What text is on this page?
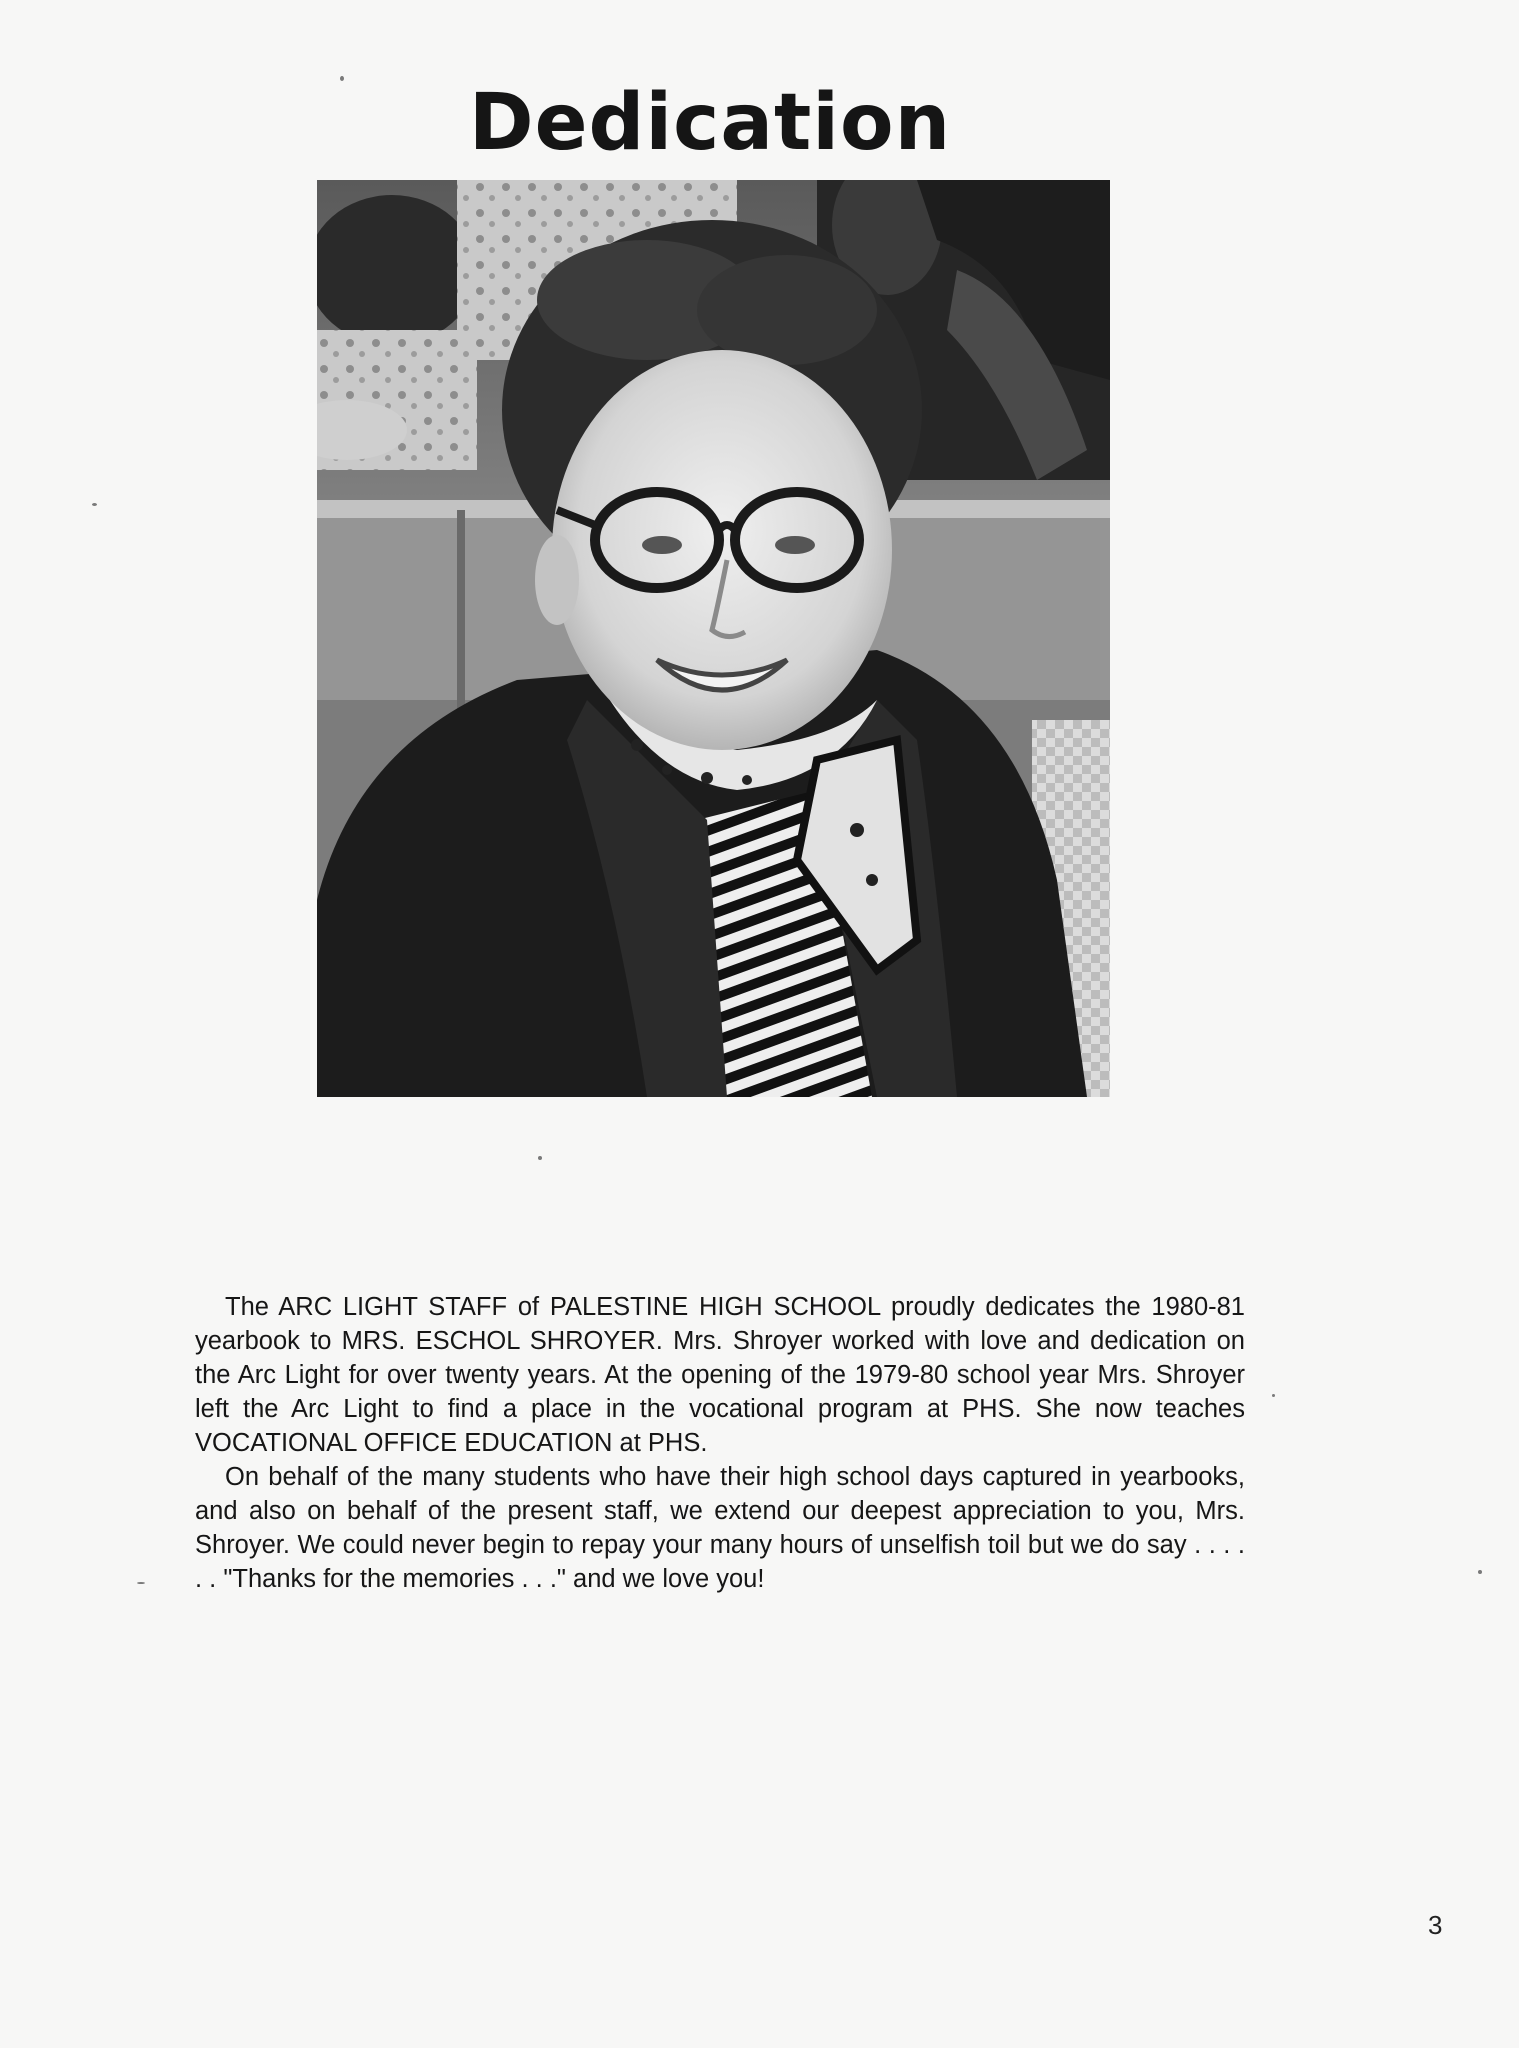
Dedication

The ARC LIGHT STAFF of PALESTINE HIGH SCHOOL proudly dedicates the 1980-81 yearbook to MRS. ESCHOL SHROYER. Mrs. Shroyer worked with love and dedication on the Arc Light for over twenty years. At the opening of the 1979-80 school year Mrs. Shroyer left the Arc Light to find a place in the vocational program at PHS. She now teaches VOCATIONAL OFFICE EDUCATION at PHS.

On behalf of the many students who have their high school days captured in yearbooks, and also on behalf of the present staff, we extend our deepest appreciation to you, Mrs. Shroyer. We could never begin to repay your many hours of unselfish toil but we do say . . . . . . "Thanks for the memories . . ." and we love you!

3
